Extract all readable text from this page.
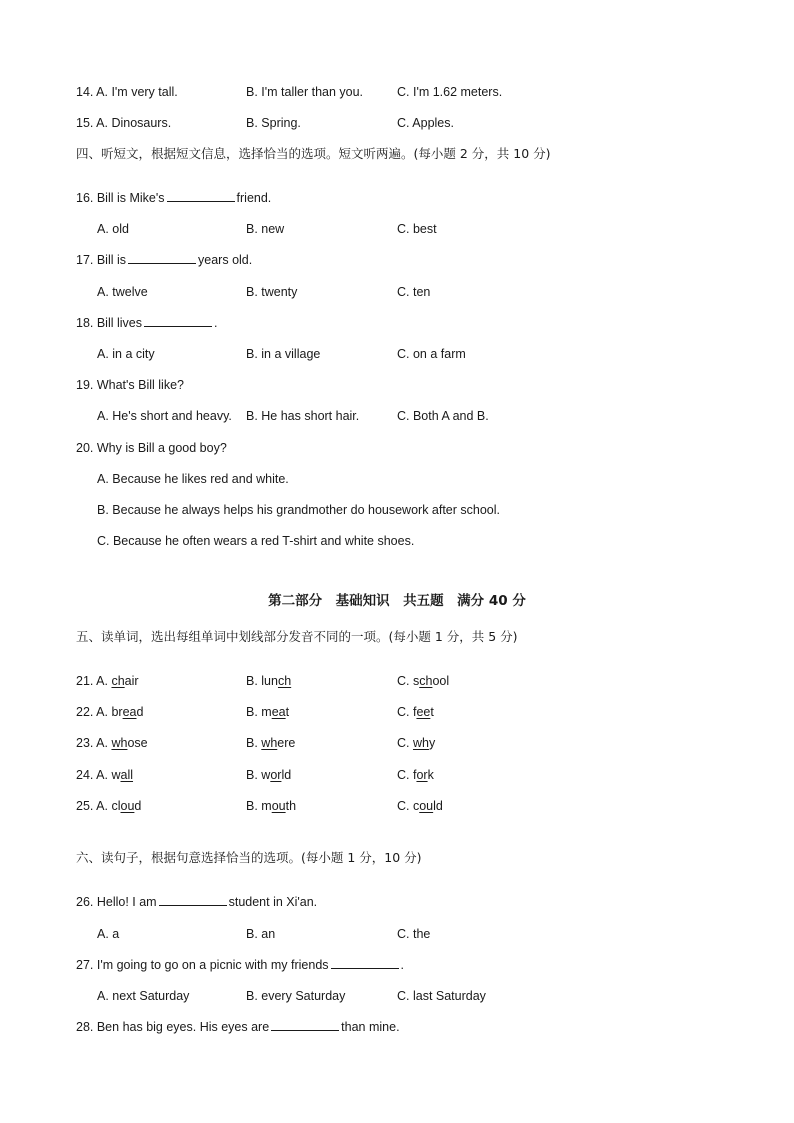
14. A. I'm very tall.	B. I'm taller than you.	C. I'm 1.62 meters.
15. A. Dinosaurs.	B. Spring.	C. Apples.
四、听短文，根据短文信息，选择恰当的选项。短文听两遍。(每小题 2 分，共 10 分)
16. Bill is Mike's	friend.
A. old	B. new	C. best
17. Bill is	years old.
A. twelve	B. twenty	C. ten
18. Bill lives	.
A. in a city	B. in a village	C. on a farm
19. What's Bill like?
A. He's short and heavy. B. He has short hair.	C. Both A and B.
20. Why is Bill a good boy?
A. Because he likes red and white.
B. Because he always helps his grandmother do housework after school.
C. Because he often wears a red T-shirt and white shoes.
第二部分　基础知识　共五题　满分 40 分
五、读单词，选出每组单词中划线部分发音不同的一项。(每小题 1 分，共 5 分)
21. A. chair	B. lunch	C. school
22. A. bread	B. meat	C. feet
23. A. whose	B. where	C. why
24. A. wall	B. world	C. fork
25. A. cloud	B. mouth	C. could
六、读句子，根据句意选择恰当的选项。(每小题 1 分，10 分)
26. Hello! I am	student in Xi'an.
A. a	B. an	C. the
27. I'm going to go on a picnic with my friends	.
A. next Saturday	B. every Saturday	C. last Saturday
28. Ben has big eyes. His eyes are	than mine.
